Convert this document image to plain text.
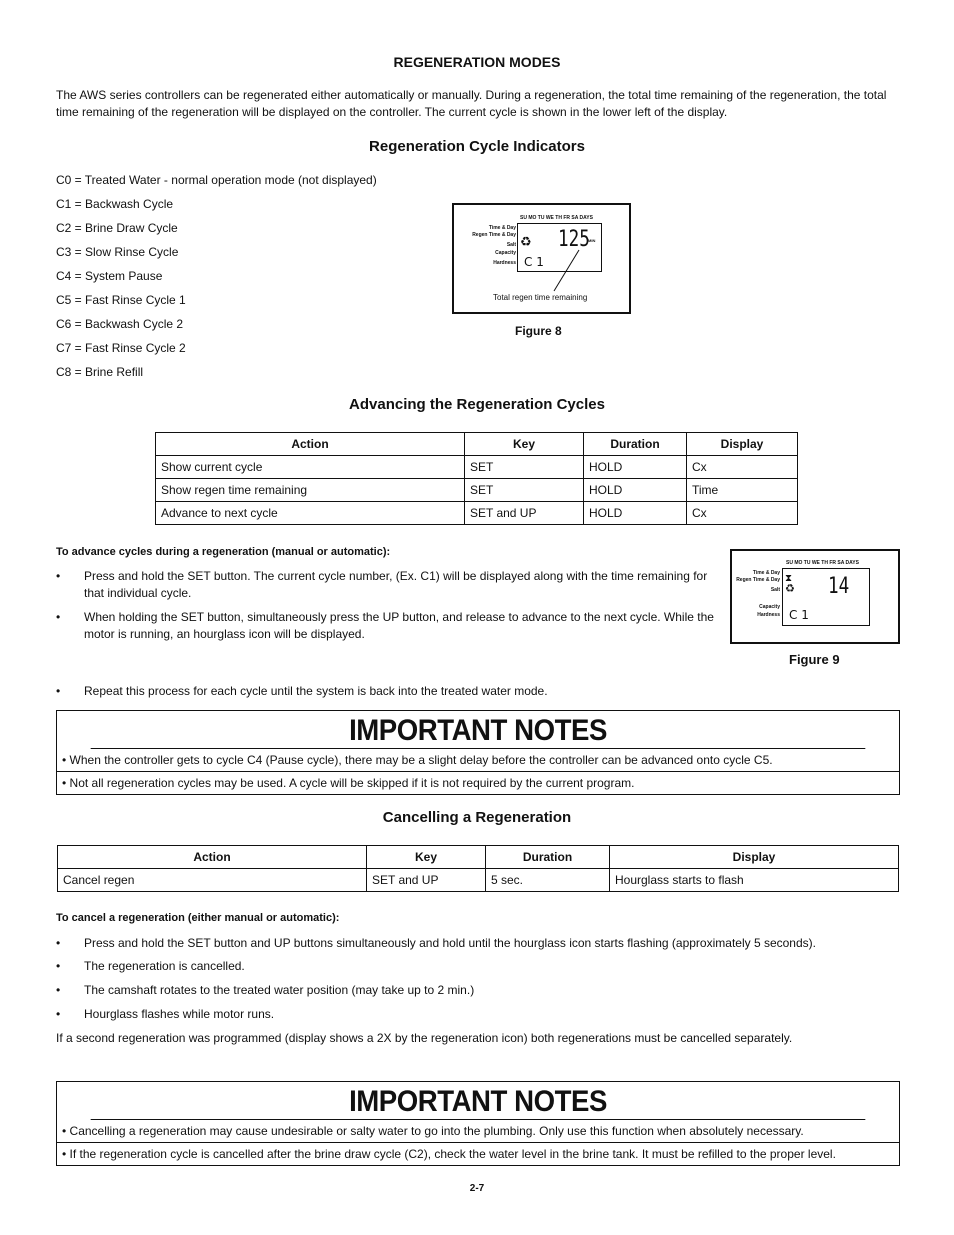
REGENERATION MODES
The AWS series controllers can be regenerated either automatically or manually. During a regeneration, the total time remaining of the regeneration, the total time remaining of the regeneration will be displayed on the controller. The current cycle is shown in the lower left of the display.
Regeneration Cycle Indicators
C0 = Treated Water - normal operation mode (not displayed)
C1 = Backwash Cycle
C2 = Brine Draw Cycle
C3 = Slow Rinse Cycle
C4 = System Pause
C5 = Fast Rinse Cycle 1
C6 = Backwash Cycle 2
C7 = Fast Rinse Cycle 2
C8 = Brine Refill
SU MO TU WE TH FR SA DAYS
Time & Day
Regen Time & Day
Salt
Capacity
Hardness
♻ 125
MIN
C 1
Total regen time remaining
Figure 8
Advancing the Regeneration Cycles
Action	Key	Duration	Display
Show current cycle	SET	HOLD	Cx
Show regen time remaining	SET	HOLD	Time
Advance to next cycle	SET and UP	HOLD	Cx
To advance cycles during a regeneration (manual or automatic):
• Press and hold the SET button. The current cycle number, (Ex. C1) will be displayed along with the time remaining for that individual cycle.
• When holding the SET button, simultaneously press the UP button, and release to advance to the next cycle. While the motor is running, an hourglass icon will be displayed.
• Repeat this process for each cycle until the system is back into the treated water mode.
SU MO TU WE TH FR SA DAYS
Time & Day
Regen Time & Day
Salt
Capacity
Hardness
⧗
♻ 14
C 1
Figure 9
IMPORTANT NOTES
• When the controller gets to cycle C4 (Pause cycle), there may be a slight delay before the controller can be advanced onto cycle C5.
• Not all regeneration cycles may be used. A cycle will be skipped if it is not required by the current program.
Cancelling a Regeneration
Action	Key	Duration	Display
Cancel regen	SET and UP	5 sec.	Hourglass starts to flash
To cancel a regeneration (either manual or automatic):
• Press and hold the SET button and UP buttons simultaneously and hold until the hourglass icon starts flashing (approximately 5 seconds).
• The regeneration is cancelled.
• The camshaft rotates to the treated water position (may take up to 2 min.)
• Hourglass flashes while motor runs.
If a second regeneration was programmed (display shows a 2X by the regeneration icon) both regenerations must be cancelled separately.
IMPORTANT NOTES
• Cancelling a regeneration may cause undesirable or salty water to go into the plumbing. Only use this function when absolutely necessary.
• If the regeneration cycle is cancelled after the brine draw cycle (C2), check the water level in the brine tank. It must be refilled to the proper level.
2-7
